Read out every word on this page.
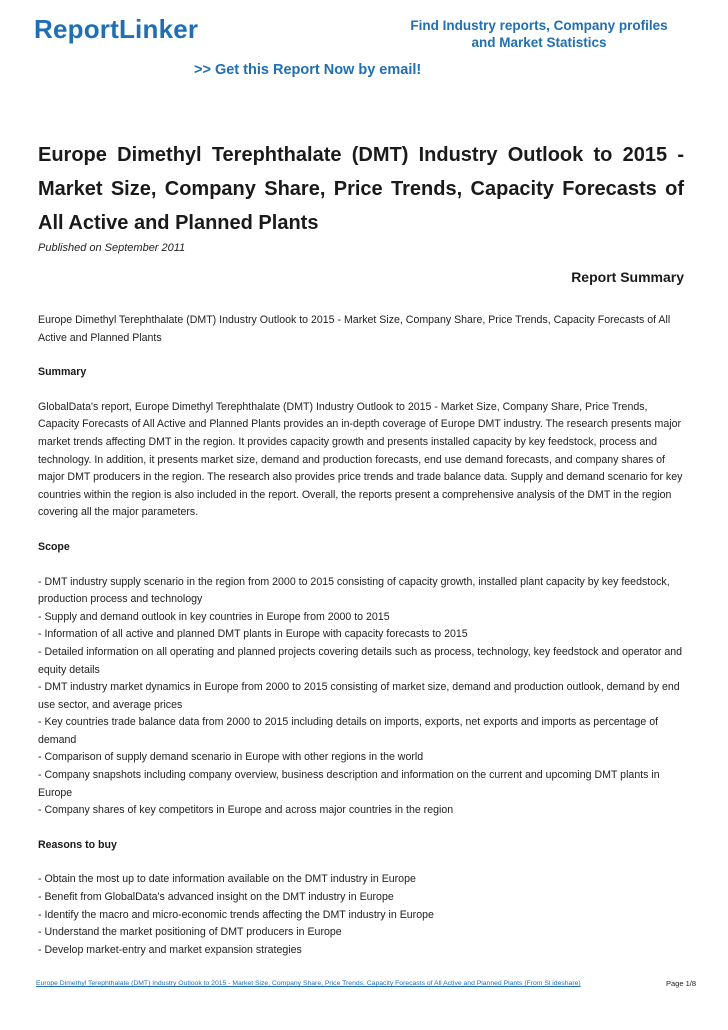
ReportLinker	Find Industry reports, Company profiles
and Market Statistics
>> Get this Report Now by email!
Europe Dimethyl Terephthalate (DMT) Industry Outlook to 2015 - Market Size, Company Share, Price Trends, Capacity Forecasts of All Active and Planned Plants
Published on September 2011
Report Summary

Europe Dimethyl Terephthalate (DMT) Industry Outlook to 2015 - Market Size, Company Share, Price Trends, Capacity Forecasts of All Active and Planned Plants

Summary

GlobalData's report, Europe Dimethyl Terephthalate (DMT) Industry Outlook to 2015 - Market Size, Company Share, Price Trends, Capacity Forecasts of All Active and Planned Plants provides an in-depth coverage of Europe DMT industry. The research presents major market trends affecting DMT in the region. It provides capacity growth and presents installed capacity by key feedstock, process and technology. In addition, it presents market size, demand and production forecasts, end use demand forecasts, and company shares of major DMT producers in the region. The research also provides price trends and trade balance data. Supply and demand scenario for key countries within the region is also included in the report. Overall, the reports present a comprehensive analysis of the DMT in the region covering all the major parameters.

Scope

- DMT industry supply scenario in the region from 2000 to 2015 consisting of capacity growth, installed plant capacity by key feedstock, production process and technology
- Supply and demand outlook in key countries in Europe from 2000 to 2015
- Information of all active and planned DMT plants in Europe with capacity forecasts to 2015
- Detailed information on all operating and planned projects covering details such as process, technology, key feedstock and operator and equity details
- DMT industry market dynamics in Europe from 2000 to 2015 consisting of market size, demand and production outlook, demand by end use sector, and average prices
- Key countries trade balance data from 2000 to 2015 including details on imports, exports, net exports and imports as percentage of demand
- Comparison of supply demand scenario in Europe with other regions in the world
- Company snapshots including company overview, business description and information on the current and upcoming DMT plants in Europe
- Company shares of key competitors in Europe and across major countries in the region

Reasons to buy

- Obtain the most up to date information available on the DMT industry in Europe
- Benefit from GlobalData's advanced insight on the DMT industry in Europe
- Identify the macro and micro-economic trends affecting the DMT industry in Europe
- Understand the market positioning of DMT producers in Europe
- Develop market-entry and market expansion strategies
Europe Dimethyl Terephthalate (DMT) Industry Outlook to 2015 - Market Size, Company Share, Price Trends, Capacity Forecasts of All Active and Planned Plants (From Sl ideshare)	Page 1/8
